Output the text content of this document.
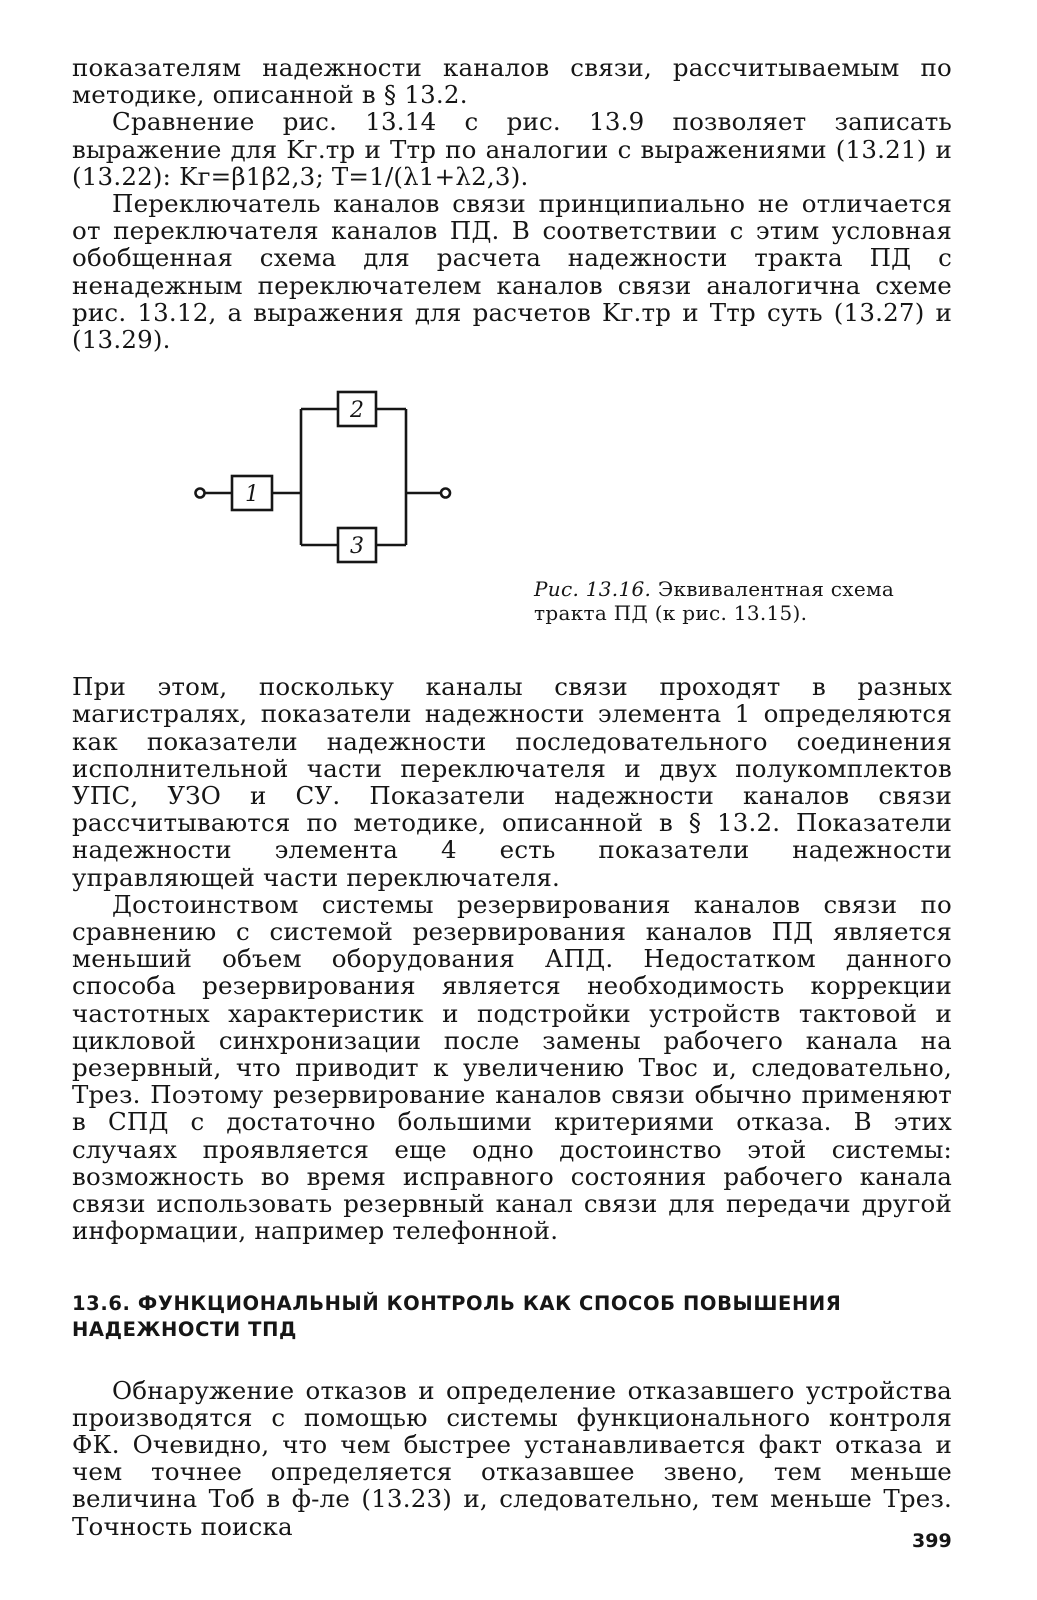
показателям надежности каналов связи, рассчитываемым по методике, описанной в § 13.2.

Сравнение рис. 13.14 с рис. 13.9 позволяет записать выражение для Kг.тр и Tтр по аналогии с выражениями (13.21) и (13.22): Kг=β1β2,3; T=1/(λ1+λ2,3).

Переключатель каналов связи принципиально не отличается от переключателя каналов ПД. В соответствии с этим условная обобщенная схема для расчета надежности тракта ПД с ненадежным переключателем каналов связи аналогична схеме рис. 13.12, а выражения для расчетов Kг.тр и Tтр суть (13.27) и (13.29).

1
2
3
Рис. 13.16. Эквивалентная схема тракта ПД (к рис. 13.15).

При этом, поскольку каналы связи проходят в разных магистралях, показатели надежности элемента 1 определяются как показатели надежности последовательного соединения исполнительной части переключателя и двух полукомплектов УПС, УЗО и СУ. Показатели надежности каналов связи рассчитываются по методике, описанной в § 13.2. Показатели надежности элемента 4 есть показатели надежности управляющей части переключателя.

Достоинством системы резервирования каналов связи по сравнению с системой резервирования каналов ПД является меньший объем оборудования АПД. Недостатком данного способа резервирования является необходимость коррекции частотных характеристик и подстройки устройств тактовой и цикловой синхронизации после замены рабочего канала на резервный, что приводит к увеличению Tвос и, следовательно, Tрез. Поэтому резервирование каналов связи обычно применяют в СПД с достаточно большими критериями отказа. В этих случаях проявляется еще одно достоинство этой системы: возможность во время исправного состояния рабочего канала связи использовать резервный канал связи для передачи другой информации, например телефонной.

13.6. ФУНКЦИОНАЛЬНЫЙ КОНТРОЛЬ КАК СПОСОБ ПОВЫШЕНИЯ НАДЕЖНОСТИ ТПД

Обнаружение отказов и определение отказавшего устройства производятся с помощью системы функционального контроля ФК. Очевидно, что чем быстрее устанавливается факт отказа и чем точнее определяется отказавшее звено, тем меньше величина Tоб в ф-ле (13.23) и, следовательно, тем меньше Tрез. Точность поиска

399
